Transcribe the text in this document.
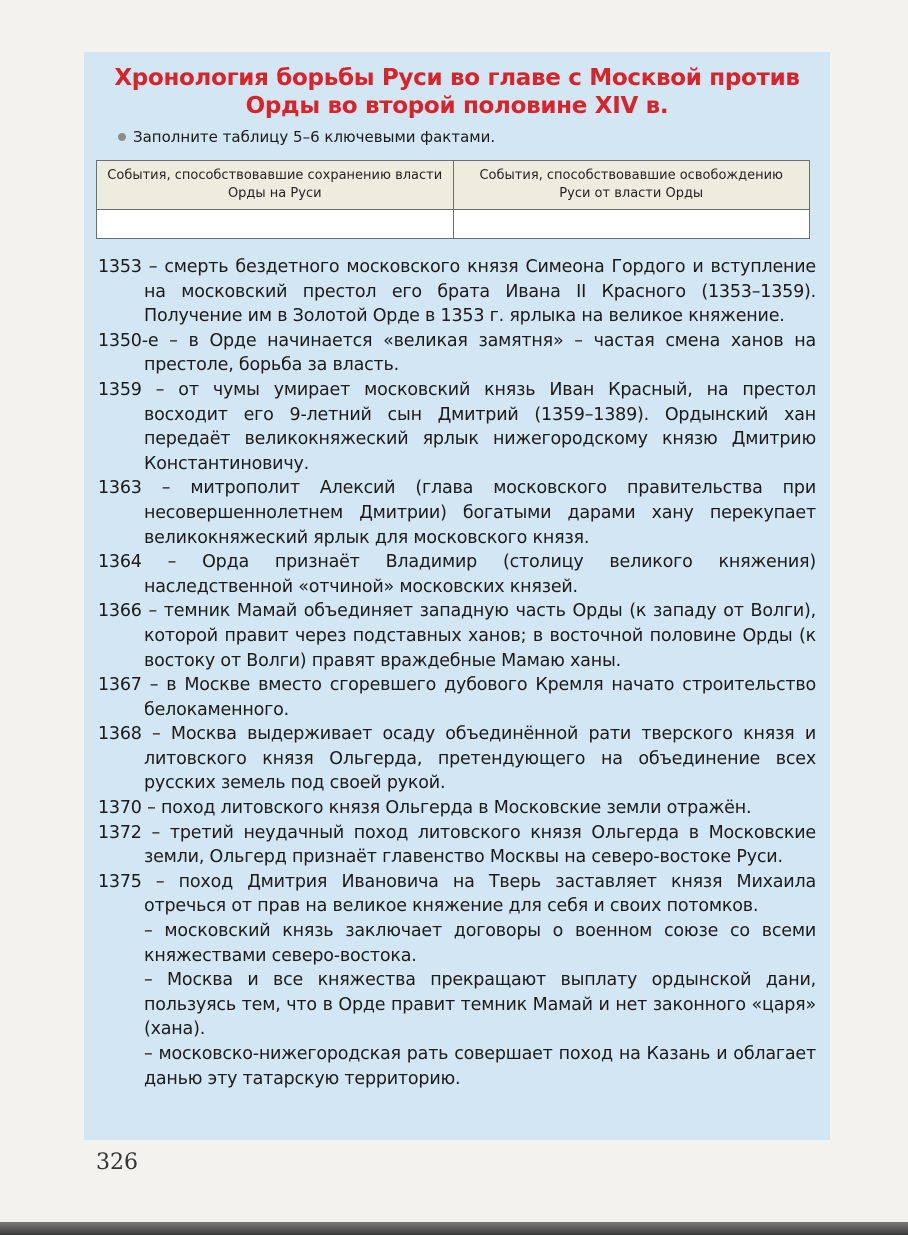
Хронология борьбы Руси во главе с Москвой против
Орды во второй половине XIV в.
Заполните таблицу 5–6 ключевыми фактами.
События, способствовавшие сохранению власти Орды на Руси	События, способствовавшие освобождению Руси от власти Орды

1353 – смерть бездетного московского князя Симеона Гордого и вступление на московский престол его брата Ивана II Красного (1353–1359). Получение им в Золотой Орде в 1353 г. ярлыка на великое княжение.

1350-е – в Орде начинается «великая замятня» – частая смена ханов на престоле, борьба за власть.

1359 – от чумы умирает московский князь Иван Красный, на престол восходит его 9-летний сын Дмитрий (1359–1389). Ордынский хан передаёт великокняжеский ярлык нижегородскому князю Дмитрию Константиновичу.

1363 – митрополит Алексий (глава московского правительства при несовершеннолетнем Дмитрии) богатыми дарами хану перекупает великокняжеский ярлык для московского князя.

1364 – Орда признаёт Владимир (столицу великого княжения) наследственной «отчиной» московских князей.

1366 – темник Мамай объединяет западную часть Орды (к западу от Волги), которой правит через подставных ханов; в восточной половине Орды (к востоку от Волги) правят враждебные Мамаю ханы.

1367 – в Москве вместо сгоревшего дубового Кремля начато строительство белокаменного.

1368 – Москва выдерживает осаду объединённой рати тверского князя и литовского князя Ольгерда, претендующего на объединение всех русских земель под своей рукой.

1370 – поход литовского князя Ольгерда в Московские земли отражён.

1372 – третий неудачный поход литовского князя Ольгерда в Московские земли, Ольгерд признаёт главенство Москвы на северо-востоке Руси.

1375 – поход Дмитрия Ивановича на Тверь заставляет князя Михаила отречься от прав на великое княжение для себя и своих потомков.

– московский князь заключает договоры о военном союзе со всеми княжествами северо-востока.

– Москва и все княжества прекращают выплату ордынской дани, пользуясь тем, что в Орде правит темник Мамай и нет законного «царя» (хана).

– московско-нижегородская рать совершает поход на Казань и облагает данью эту татарскую территорию.

326
